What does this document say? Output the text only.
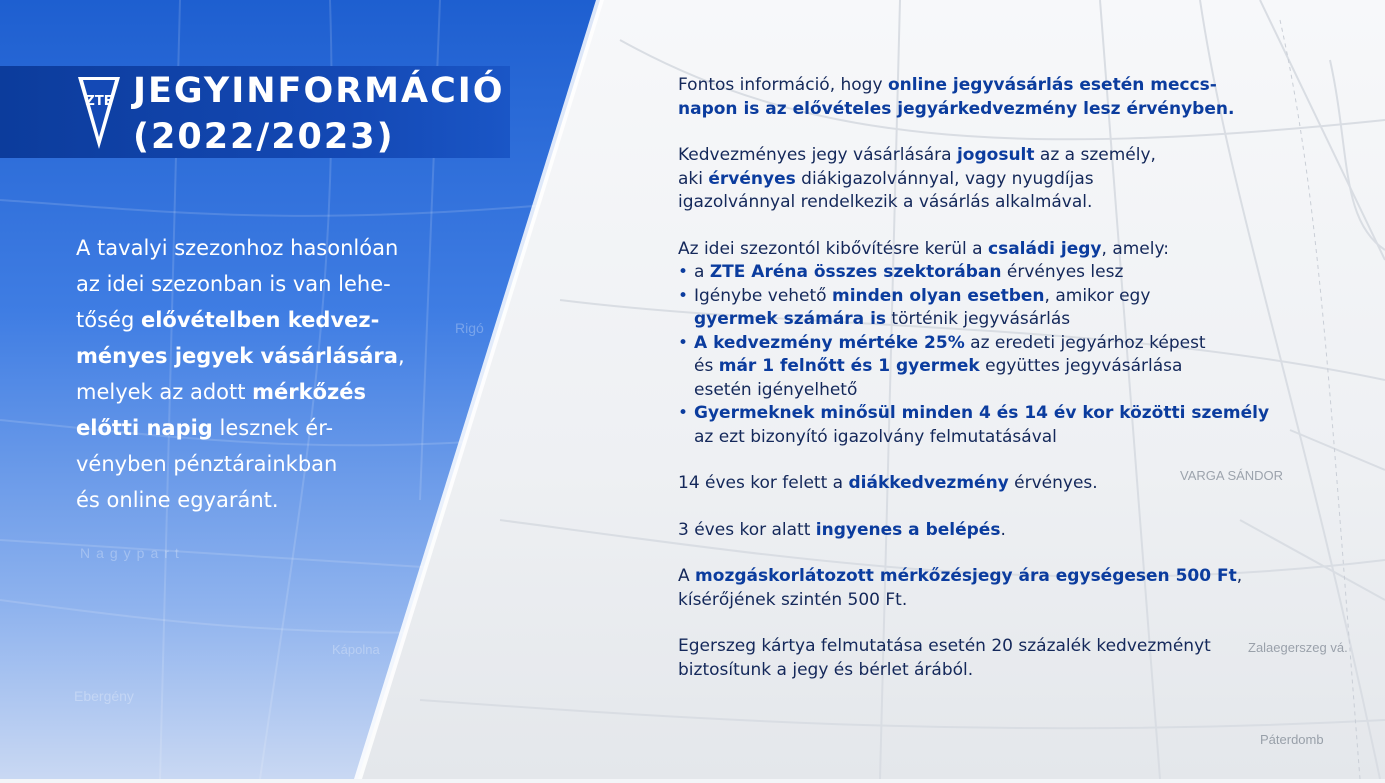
VARGA SÁNDOR
Zalaegerszeg vá.
Páterdomb
Rigó
Nagypart
Kápolna
Ebergény
ZTE JEGYINFORMÁCIÓ
(2022/2023)

A tavalyi szezonhoz hasonlóan
az idei szezonban is van lehe-
tőség elővételben kedvez-
ményes jegyek vásárlására,
melyek az adott mérkőzés
előtti napig lesznek ér-
vényben pénztárainkban
és online egyaránt.

Fontos információ, hogy online jegyvásárlás esetén meccs-
napon is az elővételes jegyárkedvezmény lesz érvényben.

Kedvezményes jegy vásárlására jogosult az a személy,
aki érvényes diákigazolvánnyal, vagy nyugdíjas
igazolvánnyal rendelkezik a vásárlás alkalmával.

Az idei szezontól kibővítésre kerül a családi jegy, amely:

• a ZTE Aréna összes szektorában érvényes lesz
• Igénybe vehető minden olyan esetben, amikor egy
gyermek számára is történik jegyvásárlás
• A kedvezmény mértéke 25% az eredeti jegyárhoz képest
és már 1 felnőtt és 1 gyermek együttes jegyvásárlása
esetén igényelhető
• Gyermeknek minősül minden 4 és 14 év kor közötti személy
az ezt bizonyító igazolvány felmutatásával

14 éves kor felett a diákkedvezmény érvényes.

3 éves kor alatt ingyenes a belépés.

A mozgáskorlátozott mérkőzésjegy ára egységesen 500 Ft,
kísérőjének szintén 500 Ft.

Egerszeg kártya felmutatása esetén 20 százalék kedvezményt
biztosítunk a jegy és bérlet árából.
